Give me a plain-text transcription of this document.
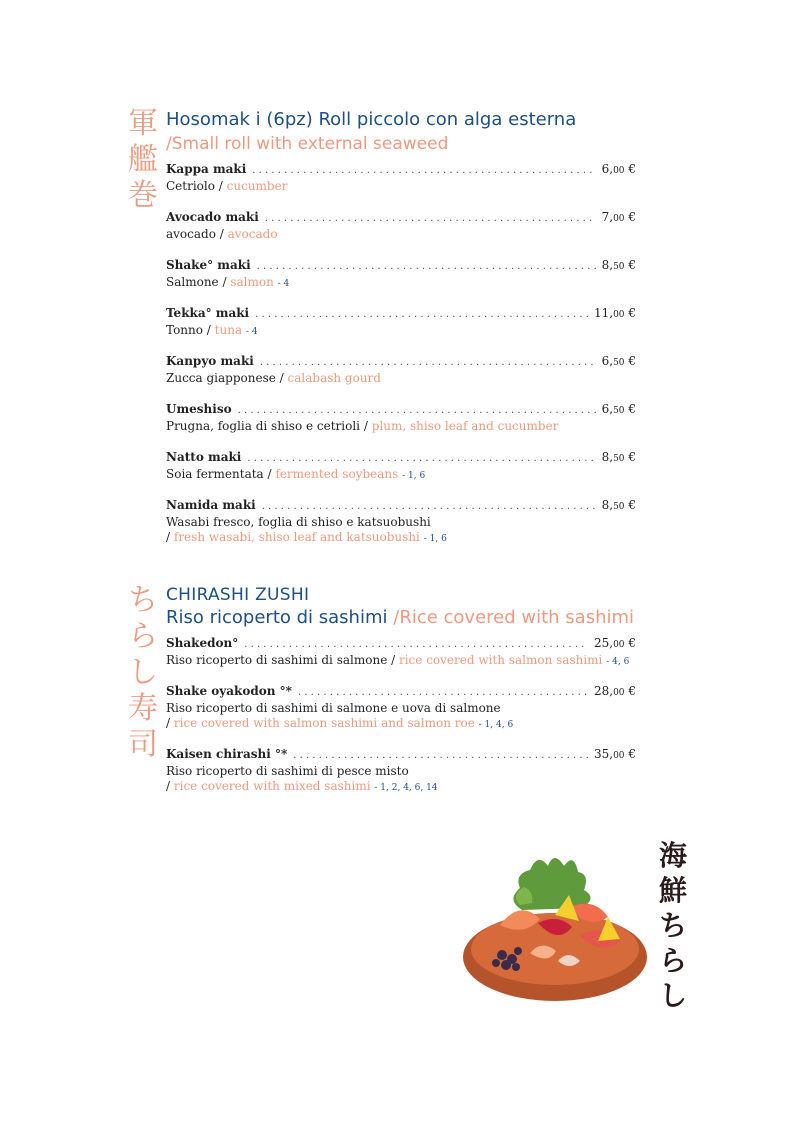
軍艦巻
Hosomak i (6pz) Roll piccolo con alga esterna
/Small roll with external seaweed
Kappa maki . . .	6,00 €
Cetriolo / cucumber
Avocado maki . . .	7,00 €
avocado / avocado
Shake° maki . . .	8,50 €
Salmone / salmon - 4
Tekka° maki . . .	11,00 €
Tonno / tuna - 4
Kanpyo maki . . .	6,50 €
Zucca giapponese / calabash gourd
Umeshiso . . .	6,50 €
Prugna, foglia di shiso e cetrioli / plum, shiso leaf and cucumber
Natto maki . . .	8,50 €
Soia fermentata / fermented soybeans - 1, 6
Namida maki . . .	8,50 €
Wasabi fresco, foglia di shiso e katsuobushi
/ fresh wasabi, shiso leaf and katsuobushi - 1, 6
ちらし寿司
CHIRASHI ZUSHI
Riso ricoperto di sashimi /Rice covered with sashimi
Shakedon° . . .	25,00 €
Riso ricoperto di sashimi di salmone / rice covered with salmon sashimi - 4, 6
Shake oyakodon °* . . .	28,00 €
Riso ricoperto di sashimi di salmone e uova di salmone
/ rice covered with salmon sashimi and salmon roe - 1, 4, 6
Kaisen chirashi °* . . .	35,00 €
Riso ricoperto di sashimi di pesce misto
/ rice covered with mixed sashimi - 1, 2, 4, 6, 14
海鮮ちらし
